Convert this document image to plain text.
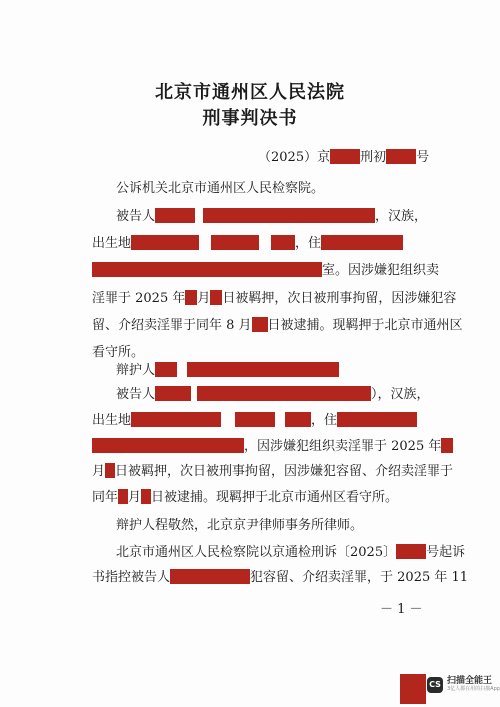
北京市通州区人民法院
刑事判决书
（2025）京 刑初 号
公诉机关北京市通州区人民检察院。
被告人	，汉族，
出生地	，住
室。因涉嫌犯组织卖
淫罪于 2025 年 月 日被羁押，次日被刑事拘留，因涉嫌犯容
留、介绍卖淫罪于同年 8 月 日被逮捕。现羁押于北京市通州区
看守所。
辩护人
被告人	），汉族，
出生地	，住
，因涉嫌犯组织卖淫罪于 2025 年
月 日被羁押，次日被刑事拘留，因涉嫌犯容留、介绍卖淫罪于
同年 月 日被逮捕。现羁押于北京市通州区看守所。
辩护人程敬然，北京京尹律师事务所律师。
北京市通州区人民检察院以京通检刑诉〔2025〕 号起诉
书指控被告人	犯容留、介绍卖淫罪，于 2025 年 11
－ 1 －
CS 扫描全能王
3亿人都在用的扫描App
